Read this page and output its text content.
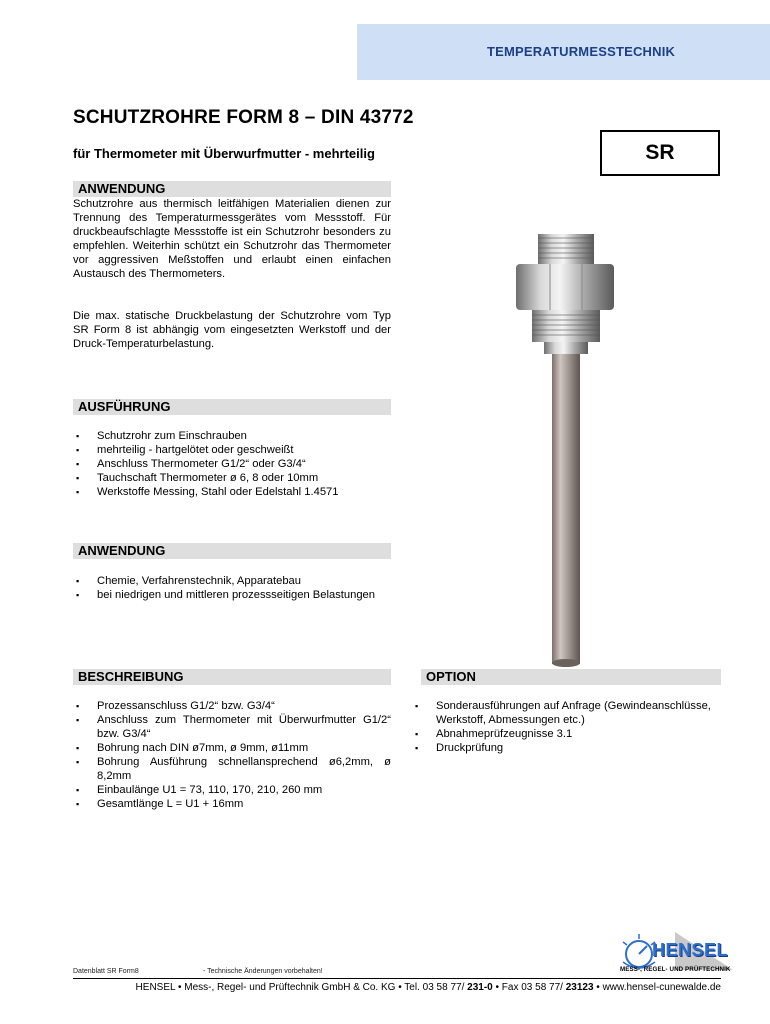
TEMPERATURMESSTECHNIK
SCHUTZROHRE FORM 8 – DIN 43772
für Thermometer mit Überwurfmutter - mehrteilig	SR
ANWENDUNG

Schutzrohre aus thermisch leitfähigen Materialien dienen zur Trennung des Temperaturmessgerätes vom Messstoff. Für druckbeaufschlagte Messstoffe ist ein Schutzrohr besonders zu empfehlen. Weiterhin schützt ein Schutzrohr das Thermometer vor aggressiven Meßstoffen und erlaubt einen einfachen Austausch des Thermometers.

Die max. statische Druckbelastung der Schutzrohre vom Typ SR Form 8 ist abhängig vom eingesetzten Werkstoff und der Druck-Temperaturbelastung.

AUSFÜHRUNG
▪ Schutzrohr zum Einschrauben
▪ mehrteilig - hartgelötet oder geschweißt
▪ Anschluss Thermometer G1/2“ oder G3/4“
▪ Tauchschaft Thermometer ø 6, 8 oder 10mm
▪ Werkstoffe Messing, Stahl oder Edelstahl 1.4571
ANWENDUNG
▪ Chemie, Verfahrenstechnik, Apparatebau
▪ bei niedrigen und mittleren prozessseitigen Belastungen
BESCHREIBUNG
▪ Prozessanschluss G1/2“ bzw. G3/4“
▪ Anschluss zum Thermometer mit Überwurfmutter G1/2“ bzw. G3/4“
▪ Bohrung nach DIN ø7mm, ø 9mm, ø11mm
▪ Bohrung Ausführung schnellansprechend ø6,2mm, ø 8,2mm
▪ Einbaulänge U1 = 73, 110, 170, 210, 260 mm
▪ Gesamtlänge L = U1 + 16mm
OPTION
▪ Sonderausführungen auf Anfrage (Gewindeanschlüsse, Werkstoff, Abmessungen etc.)
▪ Abnahmeprüfzeugnisse 3.1
▪ Druckprüfung
Datenblatt SR Form8	- Technische Änderungen vorbehalten!
HENSEL
MESS-, REGEL- UND PRÜFTECHNIK
HENSEL • Mess-, Regel- und Prüftechnik GmbH & Co. KG • Tel. 03 58 77/ 231-0 • Fax 03 58 77/ 23123 • www.hensel-cunewalde.de
